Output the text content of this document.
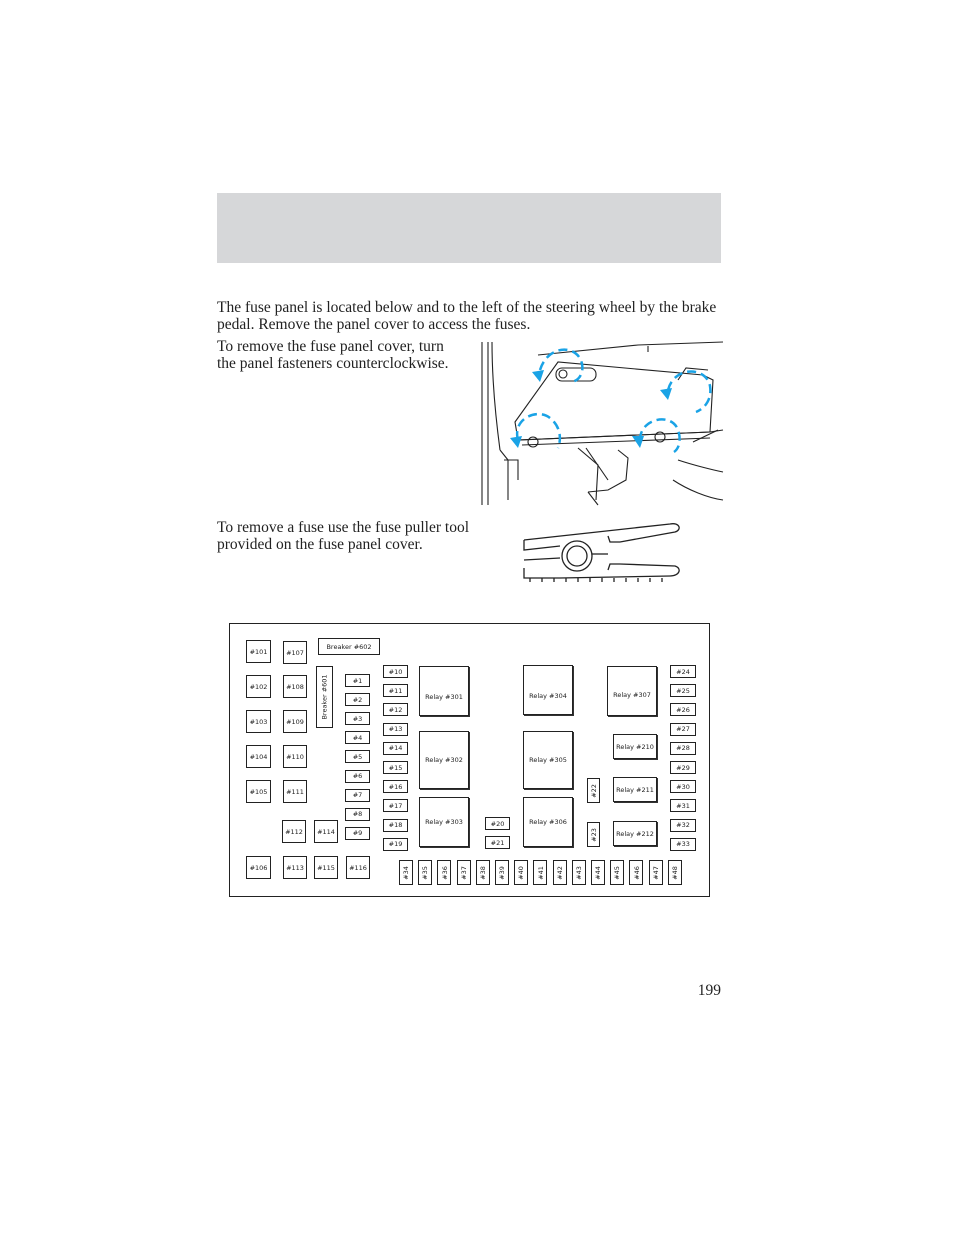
The fuse panel is located below and to the left of the steering wheel by the brake pedal. Remove the panel cover to access the fuses.

To remove the fuse panel cover, turn the panel fasteners counterclockwise.

To remove a fuse use the fuse puller tool provided on the fuse panel cover.

#101
#102
#103
#104
#105
#106
#107
#108
#109
#110
#111
#113
#112 #114
#115 #116
Breaker #602
Breaker #601	#1
#2
#3
#4
#5
#6
#7
#8
#9
#10
#11
#12
#13
#14
#15
#16
#17
#18
#19
Relay #301
Relay #302
Relay #303
Relay #304
Relay #305
Relay #306
Relay #307
Relay #210
Relay #211
Relay #212
#20
#21
#22
#23
#24
#25
#26
#27
#28
#29
#30
#31
#32
#33
#34 #35 #36 #37 #38 #39 #40 #41 #42 #43 #44 #45 #46 #47 #48
199
